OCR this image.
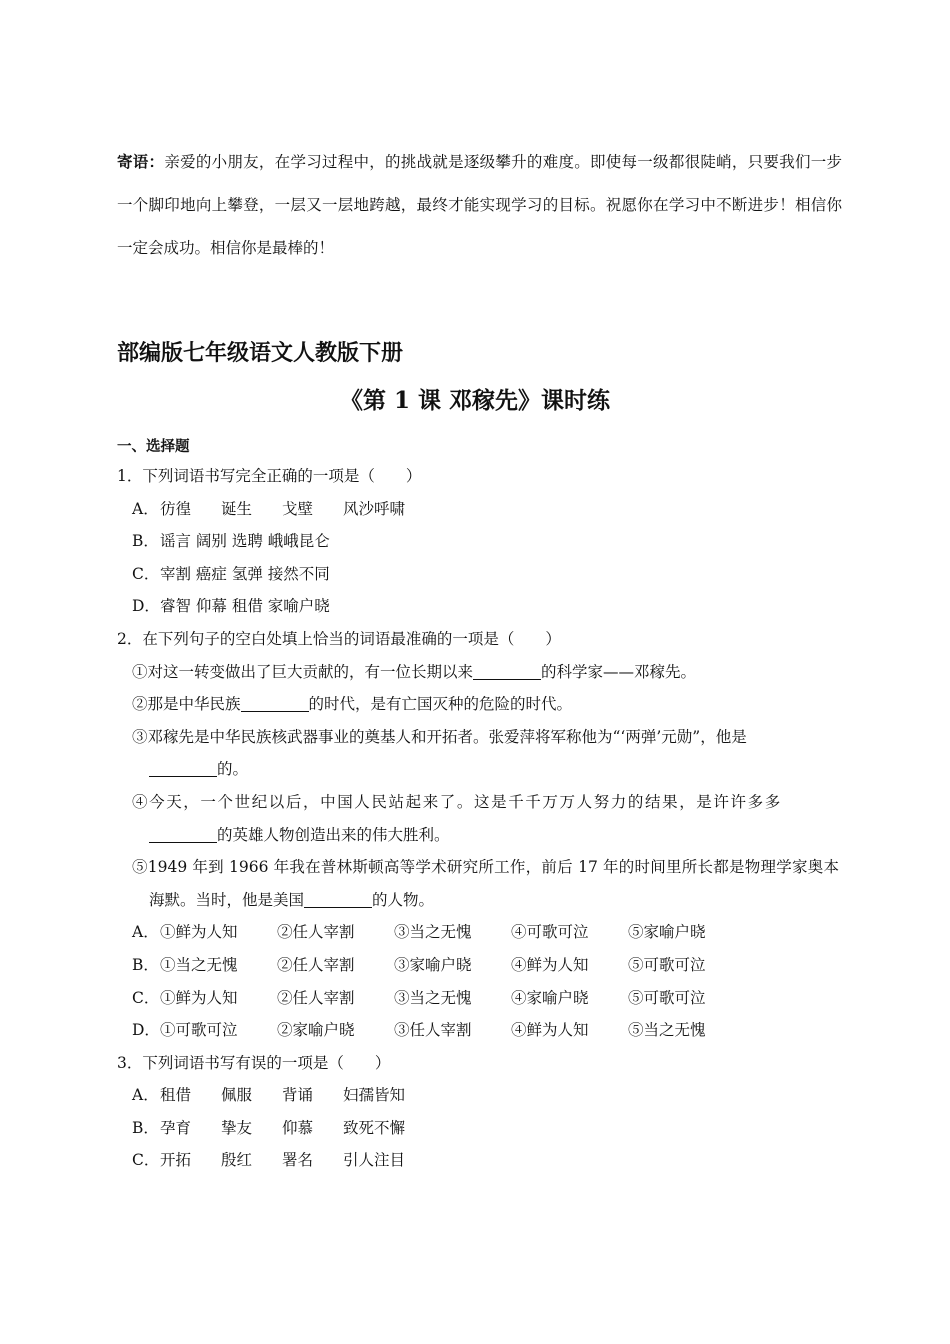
寄语：亲爱的小朋友，在学习过程中，的挑战就是逐级攀升的难度。即使每一级都很陡峭，只要我们一步一个脚印地向上攀登，一层又一层地跨越，最终才能实现学习的目标。祝愿你在学习中不断进步！相信你一定会成功。相信你是最棒的！
部编版七年级语文人教版下册
《第 1 课 邓稼先》课时练
一、选择题
1．下列词语书写完全正确的一项是（　　）
A．彷徨 诞生 戈壁 风沙呼啸
B．谣言 阔别 选聘 峨峨昆仑
C．宰割 癌症 氢弹 接然不同
D．睿智 仰幕 租借 家喻户晓
2．在下列句子的空白处填上恰当的词语最准确的一项是（　　）
①对这一转变做出了巨大贡献的，有一位长期以来	的科学家——邓稼先。
②那是中华民族	的时代，是有亡国灭种的危险的时代。
③邓稼先是中华民族核武器事业的奠基人和开拓者。张爱萍将军称他为“‘两弹’元勋”，他是
的。
④今天，一个世纪以后，中国人民站起来了。这是千千万万人努力的结果，是许许多多
的英雄人物创造出来的伟大胜利。
⑤1949 年到 1966 年我在普林斯顿高等学术研究所工作，前后 17 年的时间里所长都是物理学家奥本海默。当时，他是美国	的人物。
A．①鲜为人知	②任人宰割	③当之无愧	④可歌可泣	⑤家喻户晓
B．①当之无愧	②任人宰割	③家喻户晓	④鲜为人知	⑤可歌可泣
C．①鲜为人知	②任人宰割	③当之无愧	④家喻户晓	⑤可歌可泣
D．①可歌可泣	②家喻户晓	③任人宰割	④鲜为人知	⑤当之无愧
3．下列词语书写有误的一项是（　　）
A．租借 佩服 背诵 妇孺皆知
B．孕育 挚友 仰慕 致死不懈
C．开拓 殷红 署名 引人注目
